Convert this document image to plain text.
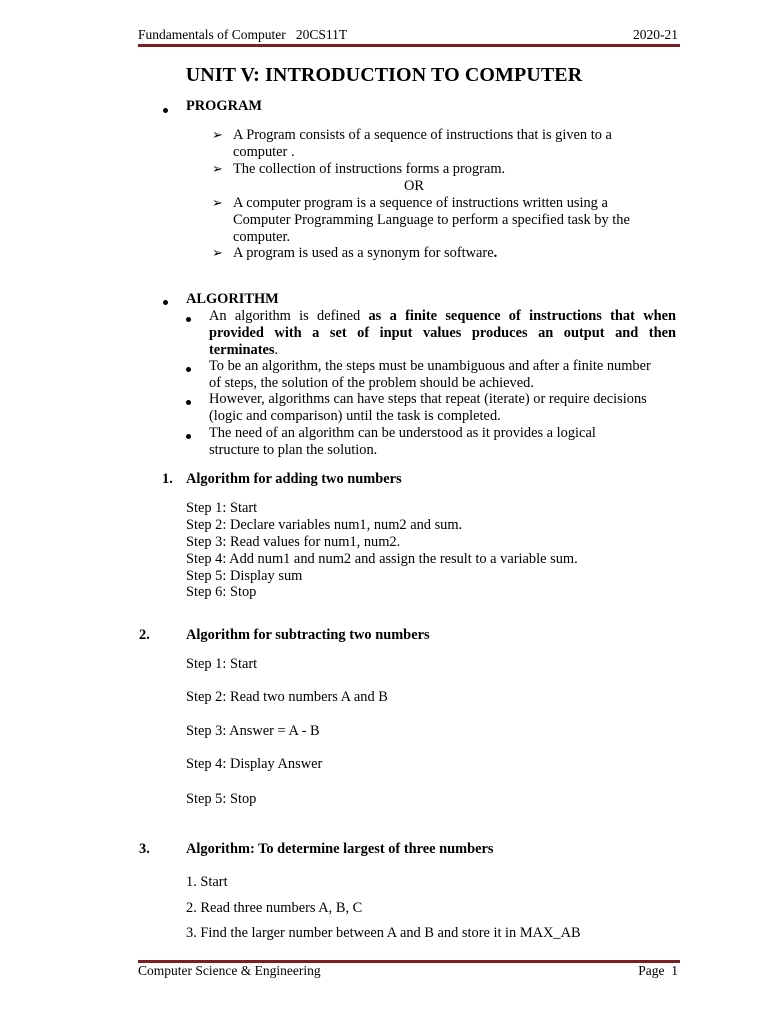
Fundamentals of Computer   20CS11T	2020-21
UNIT V: INTRODUCTION TO COMPUTER
PROGRAM
➢ A Program consists of a sequence of instructions that is given to a
computer .
➢ The collection of instructions forms a program.
OR
➢ A computer program is a sequence of instructions written using a
Computer Programming Language to perform a specified task by the
computer.
➢ A program is used as a synonym for software.
ALGORITHM
An algorithm is defined as a finite sequence of instructions that when
provided with a set of input values produces an output and then
terminates.
To be an algorithm, the steps must be unambiguous and after a finite number
of steps, the solution of the problem should be achieved.
However, algorithms can have steps that repeat (iterate) or require decisions
(logic and comparison) until the task is completed.
The need of an algorithm can be understood as it provides a logical
structure to plan the solution.
1. Algorithm for adding two numbers
Step 1: Start
Step 2: Declare variables num1, num2 and sum.
Step 3: Read values for num1, num2.
Step 4: Add num1 and num2 and assign the result to a variable sum.
Step 5: Display sum
Step 6: Stop
2.	Algorithm for subtracting two numbers
Step 1: Start
Step 2: Read two numbers A and B
Step 3: Answer = A - B
Step 4: Display Answer
Step 5: Stop
3.	Algorithm: To determine largest of three numbers
1. Start
2. Read three numbers A, B, C
3. Find the larger number between A and B and store it in MAX_AB
Computer Science & Engineering	Page  1
